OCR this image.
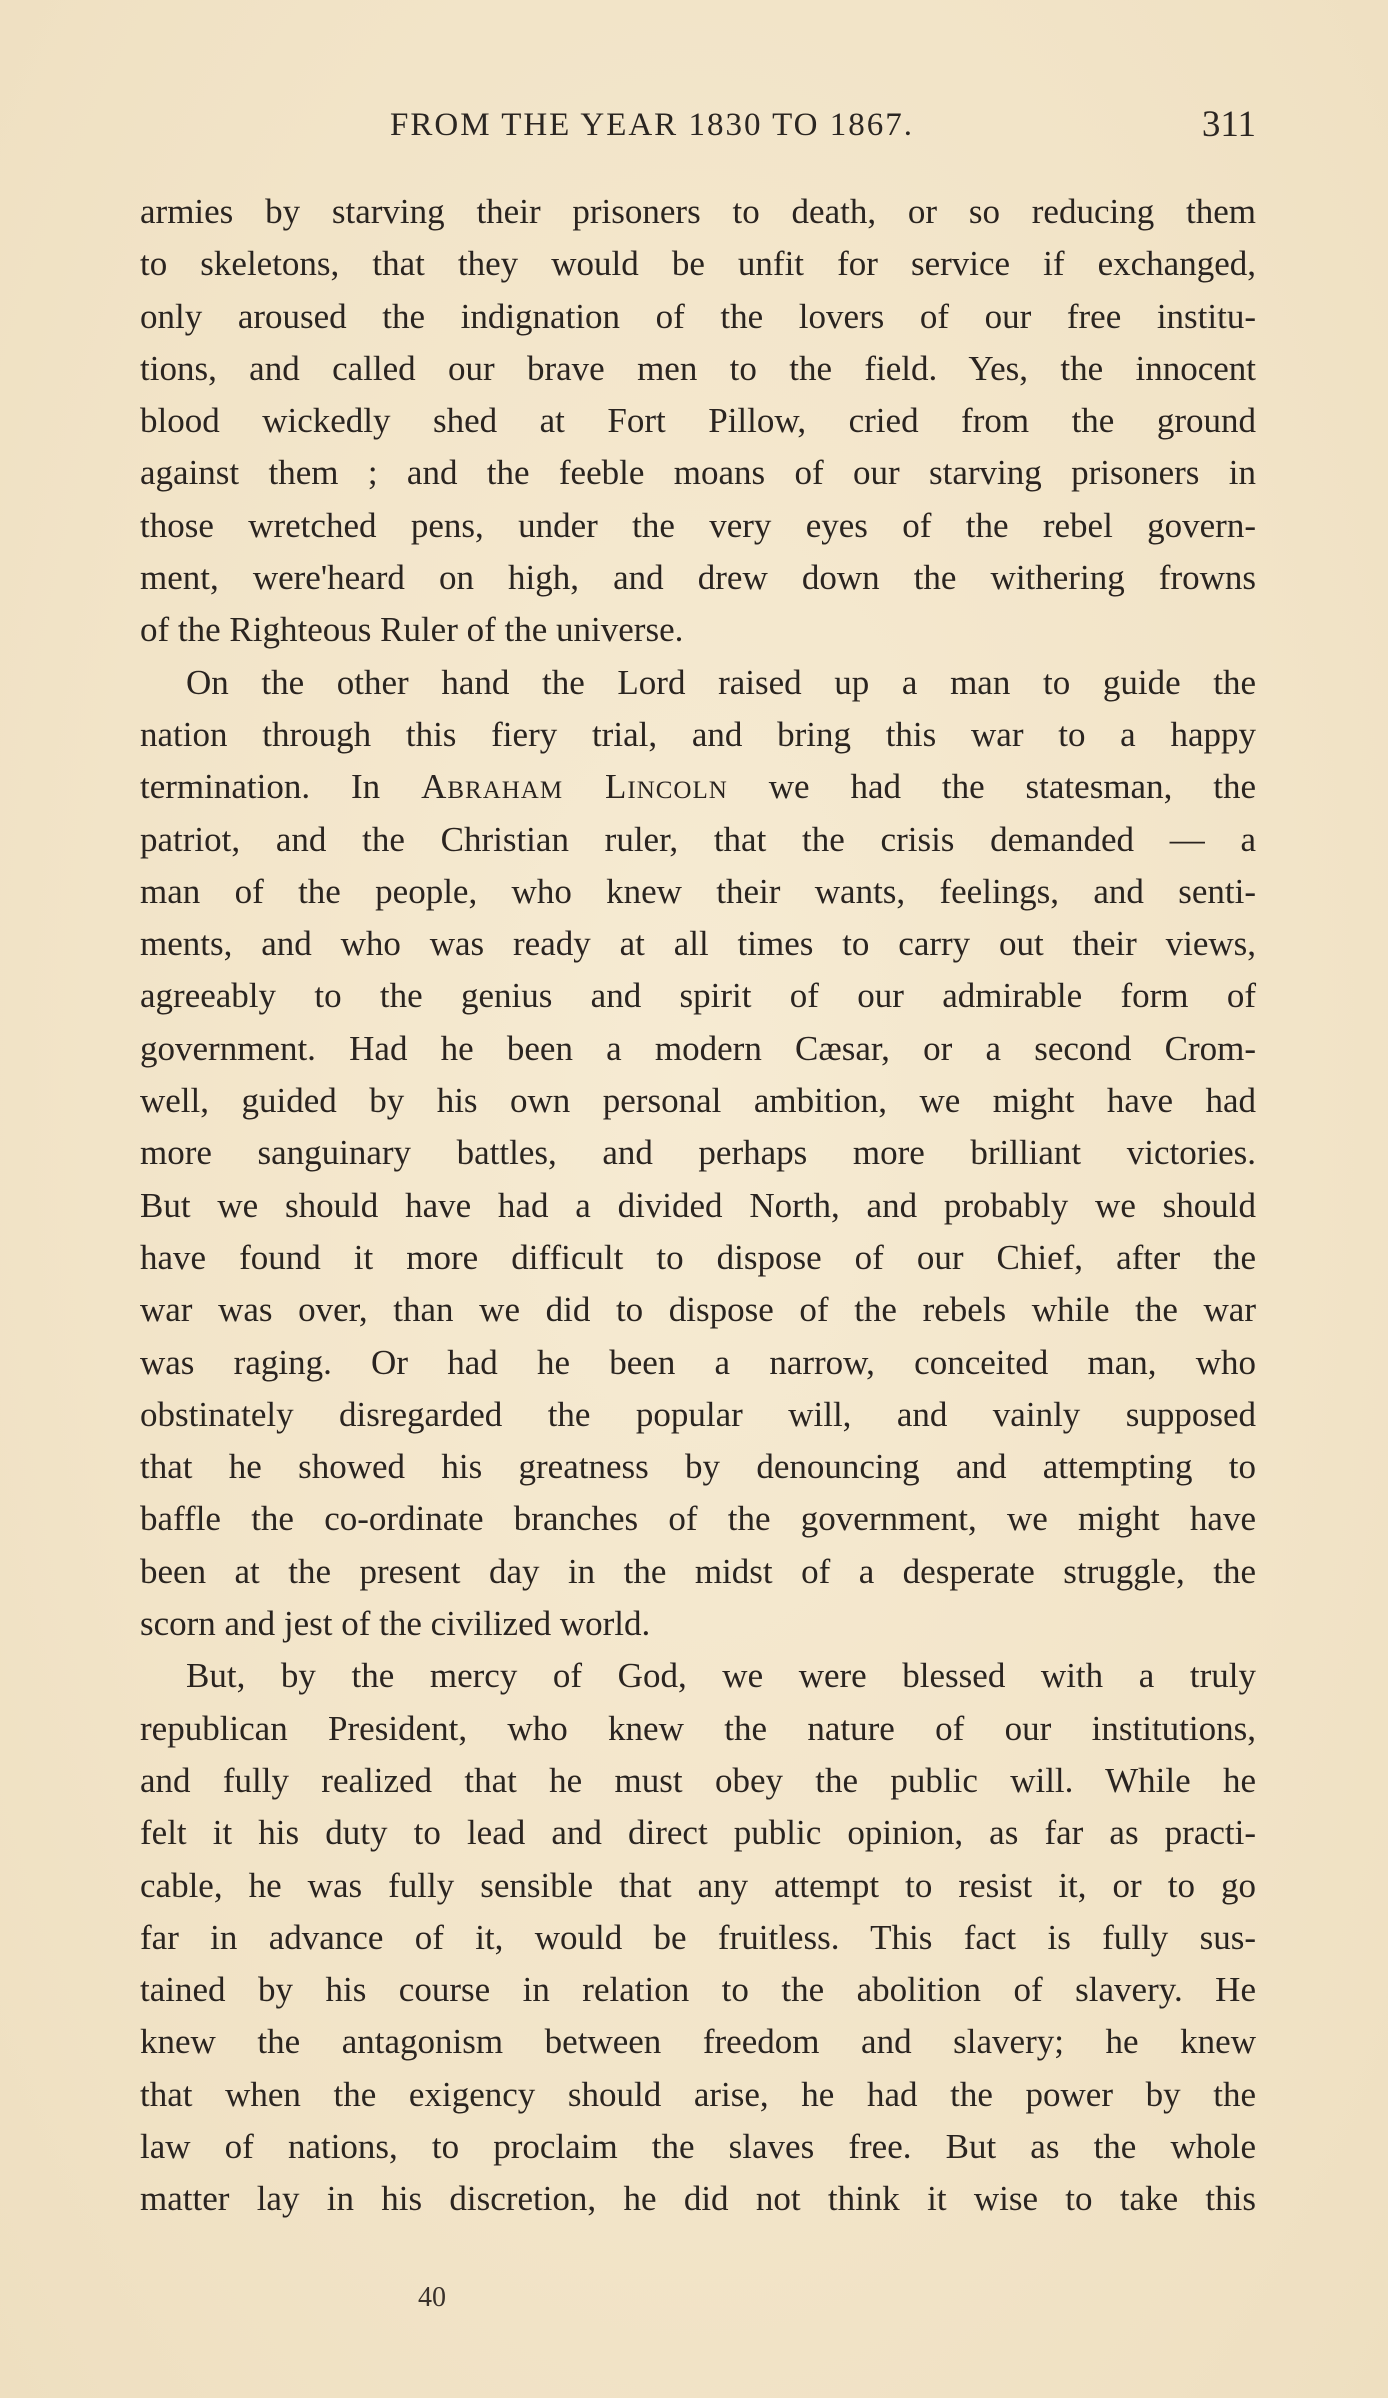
FROM THE YEAR 1830 TO 1867.	311
armies by starving their prisoners to death, or so reducing them
to skeletons, that they would be unfit for service if exchanged,
only aroused the indignation of the lovers of our free institu-
tions, and called our brave men to the field. Yes, the innocent
blood wickedly shed at Fort Pillow, cried from the ground
against them ; and the feeble moans of our starving prisoners in
those wretched pens, under the very eyes of the rebel govern-
ment, were'heard on high, and drew down the withering frowns
of the Righteous Ruler of the universe.
On the other hand the Lord raised up a man to guide the
nation through this fiery trial, and bring this war to a happy
termination. In Abraham Lincoln we had the statesman, the
patriot, and the Christian ruler, that the crisis demanded — a
man of the people, who knew their wants, feelings, and senti-
ments, and who was ready at all times to carry out their views,
agreeably to the genius and spirit of our admirable form of
government. Had he been a modern Cæsar, or a second Crom-
well, guided by his own personal ambition, we might have had
more sanguinary battles, and perhaps more brilliant victories.
But we should have had a divided North, and probably we should
have found it more difficult to dispose of our Chief, after the
war was over, than we did to dispose of the rebels while the war
was raging. Or had he been a narrow, conceited man, who
obstinately disregarded the popular will, and vainly supposed
that he showed his greatness by denouncing and attempting to
baffle the co-ordinate branches of the government, we might have
been at the present day in the midst of a desperate struggle, the
scorn and jest of the civilized world.
But, by the mercy of God, we were blessed with a truly
republican President, who knew the nature of our institutions,
and fully realized that he must obey the public will. While he
felt it his duty to lead and direct public opinion, as far as practi-
cable, he was fully sensible that any attempt to resist it, or to go
far in advance of it, would be fruitless. This fact is fully sus-
tained by his course in relation to the abolition of slavery. He
knew the antagonism between freedom and slavery; he knew
that when the exigency should arise, he had the power by the
law of nations, to proclaim the slaves free. But as the whole
matter lay in his discretion, he did not think it wise to take this
40
